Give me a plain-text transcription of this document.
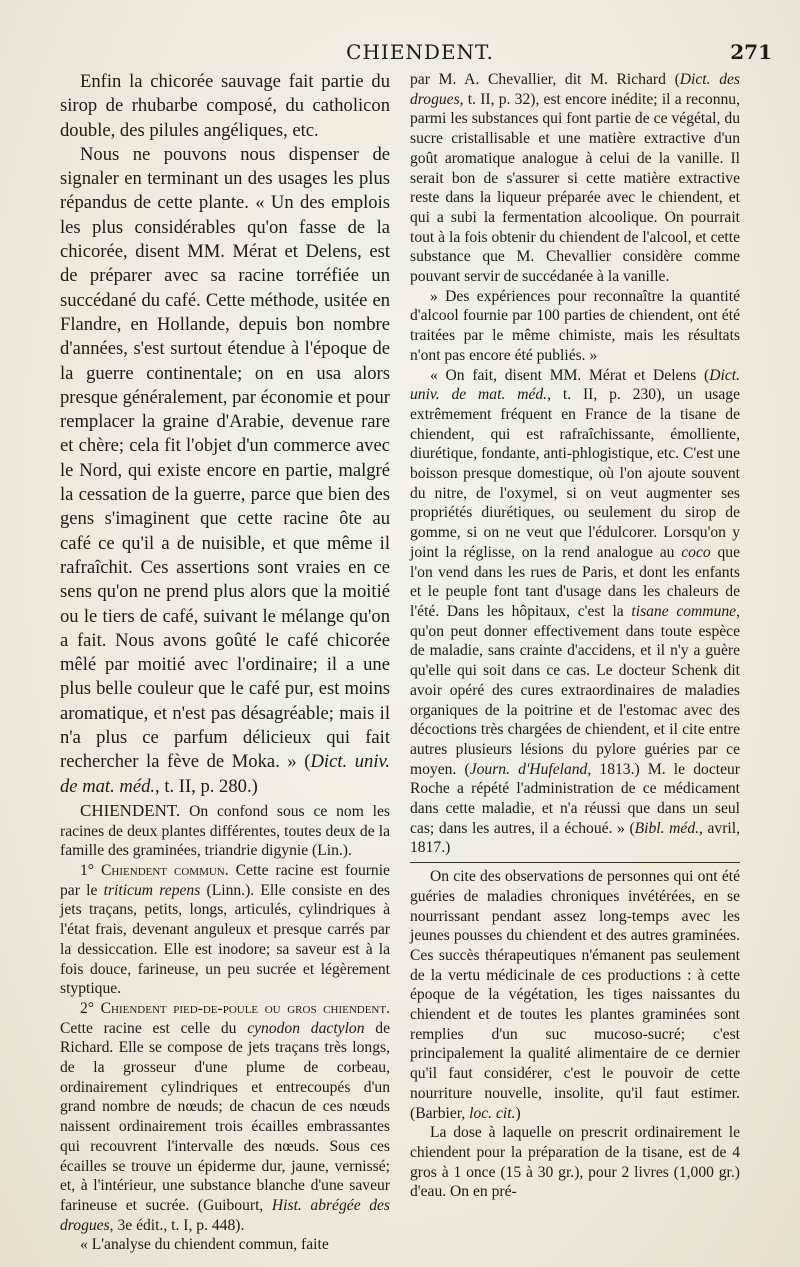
CHIENDENT.	271

Enfin la chicorée sauvage fait partie du sirop de rhubarbe composé, du catholicon double, des pilules angéliques, etc.

Nous ne pouvons nous dispenser de signaler en terminant un des usages les plus répandus de cette plante. « Un des emplois les plus considérables qu'on fasse de la chicorée, disent MM. Mérat et Delens, est de préparer avec sa racine torréfiée un succédané du café. Cette méthode, usitée en Flandre, en Hollande, depuis bon nombre d'années, s'est surtout étendue à l'époque de la guerre continentale; on en usa alors presque généralement, par économie et pour remplacer la graine d'Arabie, devenue rare et chère; cela fit l'objet d'un commerce avec le Nord, qui existe encore en partie, malgré la cessation de la guerre, parce que bien des gens s'imaginent que cette racine ôte au café ce qu'il a de nuisible, et que même il rafraîchit. Ces assertions sont vraies en ce sens qu'on ne prend plus alors que la moitié ou le tiers de café, suivant le mélange qu'on a fait. Nous avons goûté le café chicorée mêlé par moitié avec l'ordinaire; il a une plus belle couleur que le café pur, est moins aromatique, et n'est pas désagréable; mais il n'a plus ce parfum délicieux qui fait rechercher la fève de Moka. » (Dict. univ. de mat. méd., t. II, p. 280.)

CHIENDENT. On confond sous ce nom les racines de deux plantes différentes, toutes deux de la famille des graminées, triandrie digynie (Lin.).

1° Chiendent commun. Cette racine est fournie par le triticum repens (Linn.). Elle consiste en des jets traçans, petits, longs, articulés, cylindriques à l'état frais, devenant anguleux et presque carrés par la dessiccation. Elle est inodore; sa saveur est à la fois douce, farineuse, un peu sucrée et légèrement styptique.

2° Chiendent pied-de-poule ou gros chiendent. Cette racine est celle du cynodon dactylon de Richard. Elle se compose de jets traçans très longs, de la grosseur d'une plume de corbeau, ordinairement cylindriques et entrecoupés d'un grand nombre de nœuds; de chacun de ces nœuds naissent ordinairement trois écailles embrassantes qui recouvrent l'intervalle des nœuds. Sous ces écailles se trouve un épiderme dur, jaune, vernissé; et, à l'intérieur, une substance blanche d'une saveur farineuse et sucrée. (Guibourt, Hist. abrégée des drogues, 3e édit., t. I, p. 448).

« L'analyse du chiendent commun, faite

par M. A. Chevallier, dit M. Richard (Dict. des drogues, t. II, p. 32), est encore inédite; il a reconnu, parmi les substances qui font partie de ce végétal, du sucre cristallisable et une matière extractive d'un goût aromatique analogue à celui de la vanille. Il serait bon de s'assurer si cette matière extractive reste dans la liqueur préparée avec le chiendent, et qui a subi la fermentation alcoolique. On pourrait tout à la fois obtenir du chiendent de l'alcool, et cette substance que M. Chevallier considère comme pouvant servir de succédanée à la vanille.

» Des expériences pour reconnaître la quantité d'alcool fournie par 100 parties de chiendent, ont été traitées par le même chimiste, mais les résultats n'ont pas encore été publiés. »

« On fait, disent MM. Mérat et Delens (Dict. univ. de mat. méd., t. II, p. 230), un usage extrêmement fréquent en France de la tisane de chiendent, qui est rafraîchissante, émolliente, diurétique, fondante, anti-phlogistique, etc. C'est une boisson presque domestique, où l'on ajoute souvent du nitre, de l'oxymel, si on veut augmenter ses propriétés diurétiques, ou seulement du sirop de gomme, si on ne veut que l'édulcorer. Lorsqu'on y joint la réglisse, on la rend analogue au coco que l'on vend dans les rues de Paris, et dont les enfants et le peuple font tant d'usage dans les chaleurs de l'été. Dans les hôpitaux, c'est la tisane commune, qu'on peut donner effectivement dans toute espèce de maladie, sans crainte d'accidens, et il n'y a guère qu'elle qui soit dans ce cas. Le docteur Schenk dit avoir opéré des cures extraordinaires de maladies organiques de la poitrine et de l'estomac avec des décoctions très chargées de chiendent, et il cite entre autres plusieurs lésions du pylore guéries par ce moyen. (Journ. d'Hufeland, 1813.) M. le docteur Roche a répété l'administration de ce médicament dans cette maladie, et n'a réussi que dans un seul cas; dans les autres, il a échoué. » (Bibl. méd., avril, 1817.)

On cite des observations de personnes qui ont été guéries de maladies chroniques invétérées, en se nourrissant pendant assez long-temps avec les jeunes pousses du chiendent et des autres graminées. Ces succès thérapeutiques n'émanent pas seulement de la vertu médicinale de ces productions : à cette époque de la végétation, les tiges naissantes du chiendent et de toutes les plantes graminées sont remplies d'un suc mucoso-sucré; c'est principalement la qualité alimentaire de ce dernier qu'il faut considérer, c'est le pouvoir de cette nourriture nouvelle, insolite, qu'il faut estimer. (Barbier, loc. cit.)

La dose à laquelle on prescrit ordinairement le chiendent pour la préparation de la tisane, est de 4 gros à 1 once (15 à 30 gr.), pour 2 livres (1,000 gr.) d'eau. On en pré-
